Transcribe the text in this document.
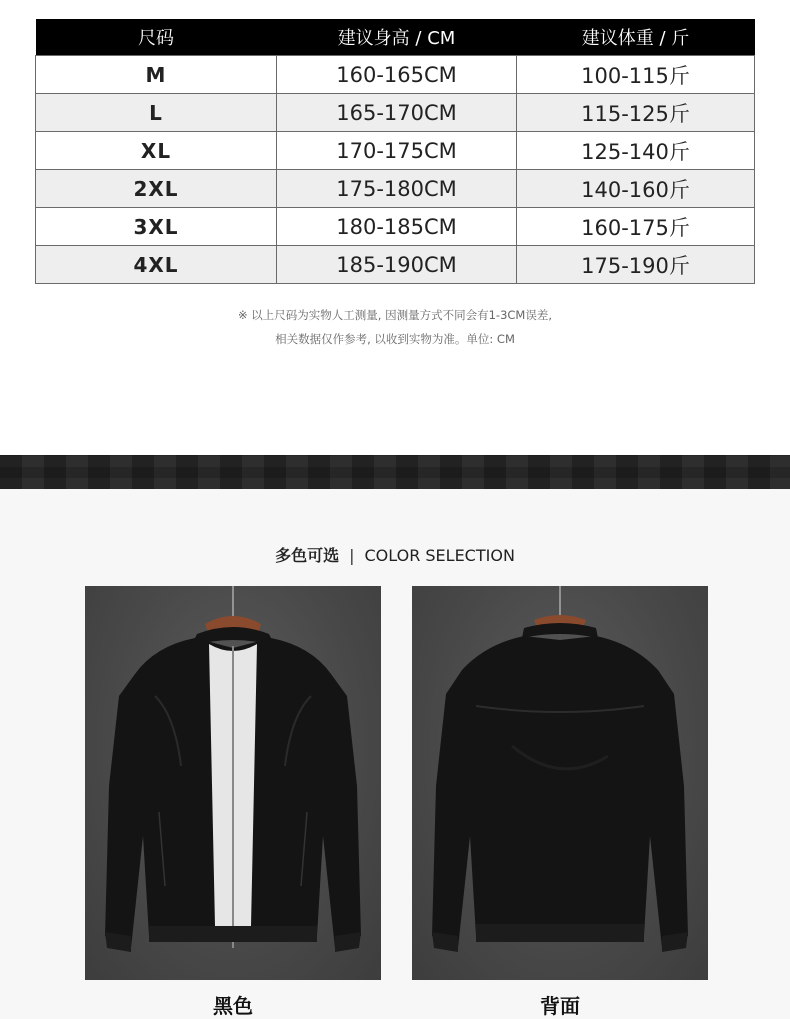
尺码	建议身高 / CM	建议体重 / 斤
M	160-165CM	100-115斤
L	165-170CM	115-125斤
XL	170-175CM	125-140斤
2XL	175-180CM	140-160斤
3XL	180-185CM	160-175斤
4XL	185-190CM	175-190斤
※ 以上尺码为实物人工测量, 因测量方式不同会有1-3CM误差,
相关数据仅作参考, 以收到实物为准。单位: CM
多色可选 | COLOR SELECTION
黑色	背面
